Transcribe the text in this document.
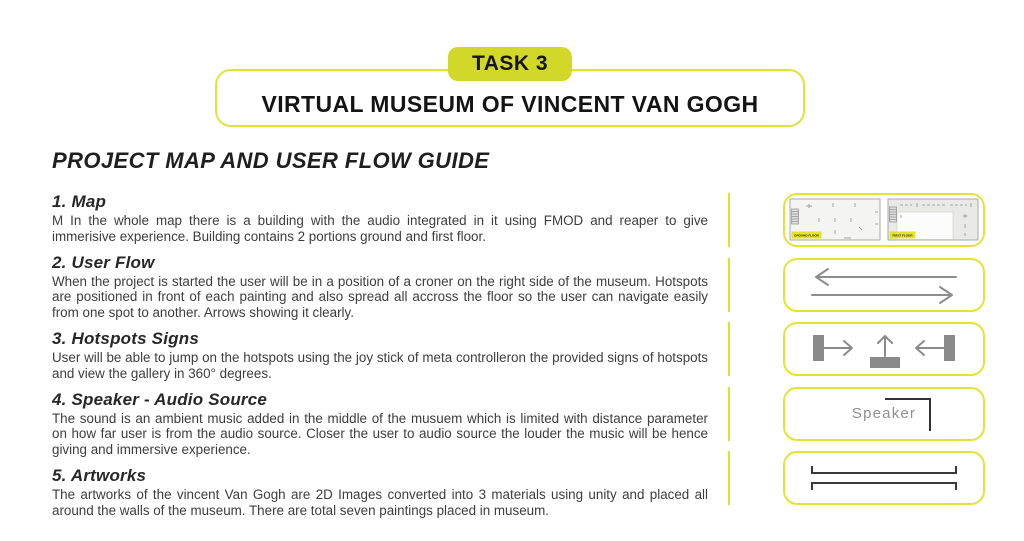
TASK 3
VIRTUAL MUSEUM OF VINCENT VAN GOGH
PROJECT MAP AND USER FLOW GUIDE
1. Map

M In the whole map there is a building with the audio integrated in it using FMOD and reaper to give immerisive experience. Building contains 2 portions ground and first floor.

2. User Flow

When the project is started the user will be in a position of a croner on the right side of the museum. Hotspots are positioned in front of each painting and also spread all accross the floor so the user can navigate easily from one spot to another. Arrows showing it clearly.

3. Hotspots Signs

User will be able to jump on the hotspots using the joy stick of meta controlleron the provided signs of hotspots and view the gallery in 360° degrees.

4. Speaker - Audio Source

The sound is an ambient music added in the middle of the musuem which is limited with distance parameter on how far user is from the audio source. Closer the user to audio source the louder the music will be hence giving and immersive experience.

5. Artworks

The artworks of the vincent Van Gogh are 2D Images converted into 3 materials using unity and placed all around the walls of the museum. There are total seven paintings placed in museum.

GROUND FLOOR	FIRST FLOOR
Speaker
